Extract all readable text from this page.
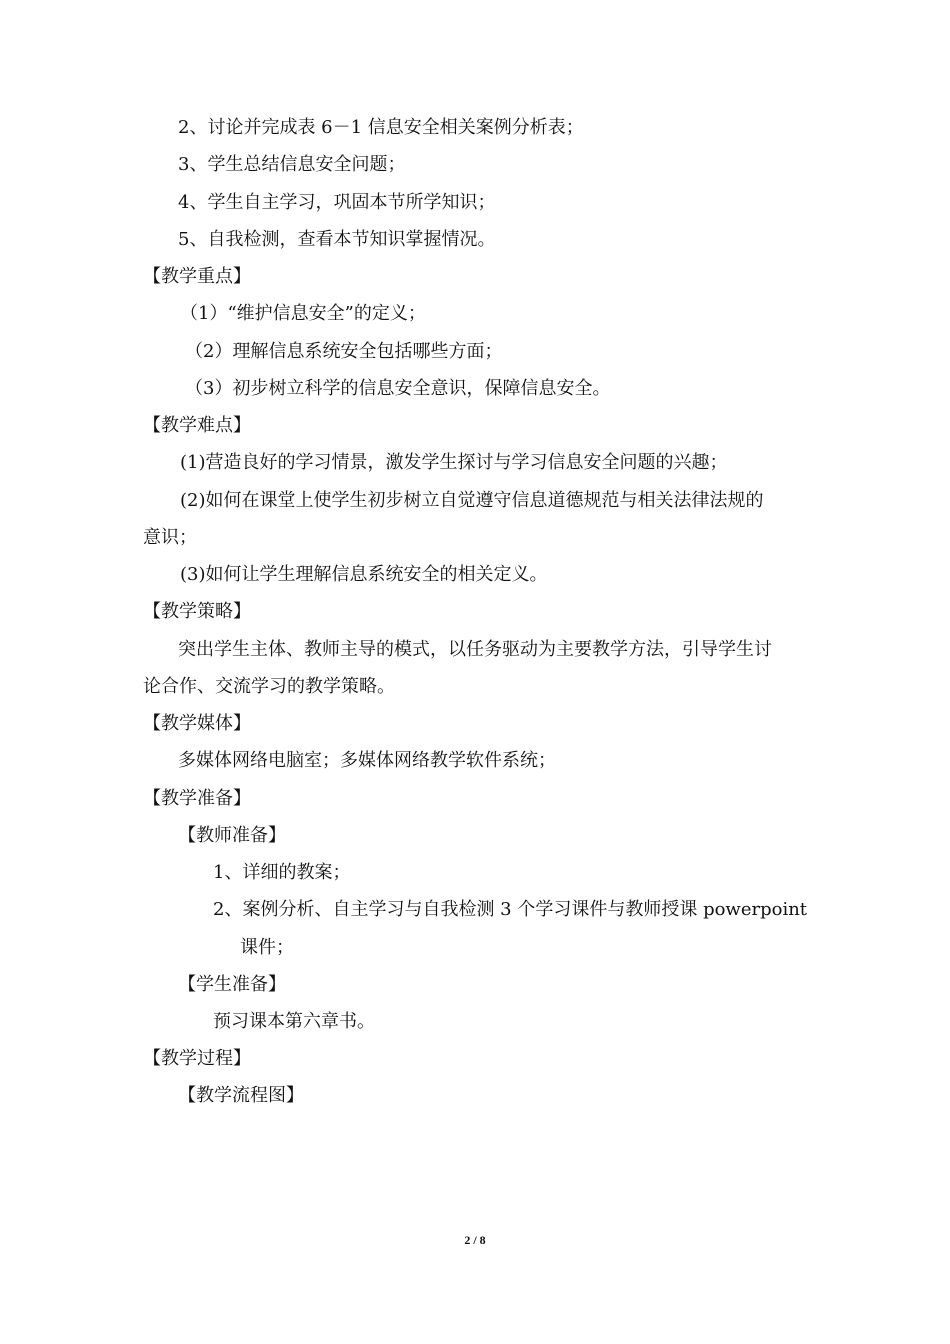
2、讨论并完成表 6－1 信息安全相关案例分析表；
3、学生总结信息安全问题；
4、学生自主学习，巩固本节所学知识；
5、自我检测，查看本节知识掌握情况。
【教学重点】
（1）“维护信息安全”的定义；
（2）理解信息系统安全包括哪些方面；
（3）初步树立科学的信息安全意识，保障信息安全。
【教学难点】
(1)营造良好的学习情景，激发学生探讨与学习信息安全问题的兴趣；
(2)如何在课堂上使学生初步树立自觉遵守信息道德规范与相关法律法规的
意识；
(3)如何让学生理解信息系统安全的相关定义。
【教学策略】
突出学生主体、教师主导的模式，以任务驱动为主要教学方法，引导学生讨
论合作、交流学习的教学策略。
【教学媒体】
多媒体网络电脑室；多媒体网络教学软件系统；
【教学准备】
【教师准备】
1、详细的教案；
2、案例分析、自主学习与自我检测 3 个学习课件与教师授课 powerpoint
课件；
【学生准备】
预习课本第六章书。
【教学过程】
【教学流程图】
2 / 8
